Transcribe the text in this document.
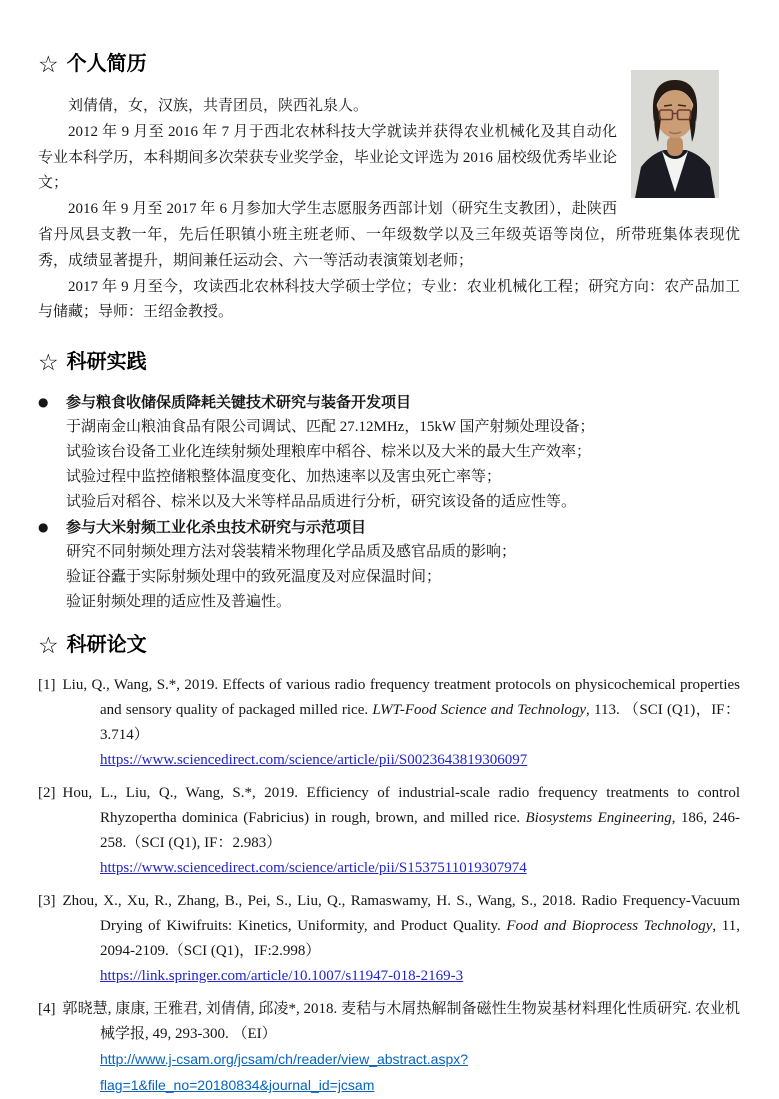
☆ 个人简历

刘倩倩，女，汉族，共青团员，陕西礼泉人。

2012 年 9 月至 2016 年 7 月于西北农林科技大学就读并获得农业机械化及其自动化专业本科学历，本科期间多次荣获专业奖学金，毕业论文评选为 2016 届校级优秀毕业论文；

2016 年 9 月至 2017 年 6 月参加大学生志愿服务西部计划（研究生支教团），赴陕西省丹凤县支教一年，先后任职镇小班主班老师、一年级数学以及三年级英语等岗位，所带班集体表现优秀，成绩显著提升，期间兼任运动会、六一等活动表演策划老师；

2017 年 9 月至今，攻读西北农林科技大学硕士学位；专业：农业机械化工程；研究方向：农产品加工与储藏；导师：王绍金教授。

☆ 科研实践
●	参与粮食收储保质降耗关键技术研究与装备开发项目
于湖南金山粮油食品有限公司调试、匹配 27.12MHz，15kW 国产射频处理设备；
试验该台设备工业化连续射频处理粮库中稻谷、棕米以及大米的最大生产效率；
试验过程中监控储粮整体温度变化、加热速率以及害虫死亡率等；
试验后对稻谷、棕米以及大米等样品品质进行分析，研究该设备的适应性等。
●	参与大米射频工业化杀虫技术研究与示范项目
研究不同射频处理方法对袋装精米物理化学品质及感官品质的影响；
验证谷蠹于实际射频处理中的致死温度及对应保温时间；
验证射频处理的适应性及普遍性。
☆ 科研论文
[1] Liu, Q., Wang, S.*, 2019. Effects of various radio frequency treatment protocols on physicochemical properties and sensory quality of packaged milled rice. LWT-Food Science and Technology, 113. （SCI (Q1)，IF：3.714）
https://www.sciencedirect.com/science/article/pii/S0023643819306097
[2] Hou, L., Liu, Q., Wang, S.*, 2019. Efficiency of industrial-scale radio frequency treatments to control Rhyzopertha dominica (Fabricius) in rough, brown, and milled rice. Biosystems Engineering, 186, 246-258.（SCI (Q1), IF：2.983）
https://www.sciencedirect.com/science/article/pii/S1537511019307974
[3] Zhou, X., Xu, R., Zhang, B., Pei, S., Liu, Q., Ramaswamy, H. S., Wang, S., 2018. Radio Frequency-Vacuum Drying of Kiwifruits: Kinetics, Uniformity, and Product Quality. Food and Bioprocess Technology, 11, 2094-2109.（SCI (Q1)，IF:2.998）
https://link.springer.com/article/10.1007/s11947-018-2169-3
[4] 郭晓慧, 康康, 王雅君, 刘倩倩, 邱凌*, 2018. 麦秸与木屑热解制备磁性生物炭基材料理化性质研究. 农业机械学报, 49, 293-300. （EI）
http://www.j-csam.org/jcsam/ch/reader/view_abstract.aspx?flag=1&file_no=20180834&journal_id=jcsam
